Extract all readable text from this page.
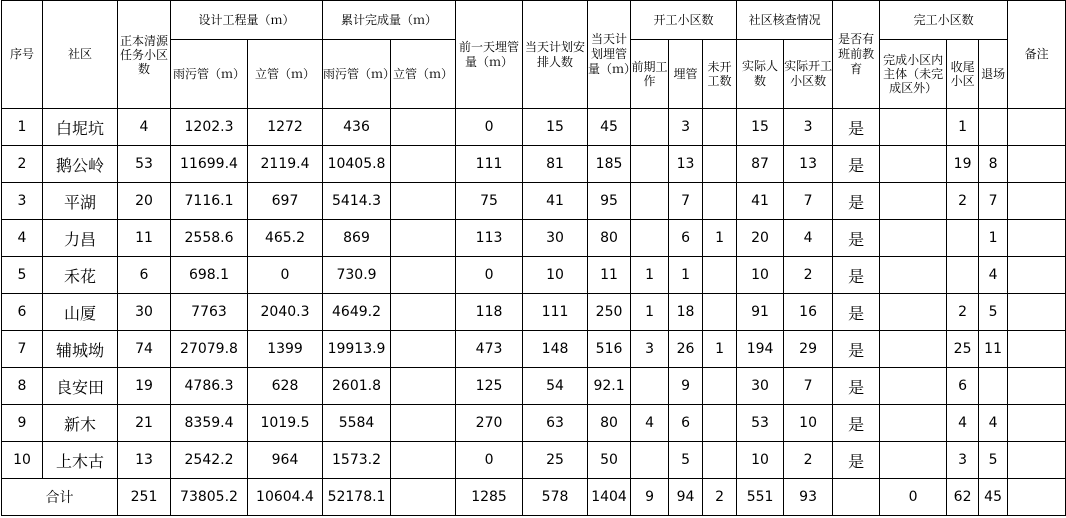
序号	社区	正本清源任务小区数	设计工程量（ｍ）		累计完成量（ｍ）		前一天埋管量（ｍ）	当天计划安排人数	当天计划埋管量（ｍ）	开工小区数			社区核查情况		是否有班前教育	完工小区数			备注
			雨污管（ｍ）	立管（ｍ）	雨污管（ｍ）	立管（ｍ）				前期工作	埋管	未开工数	实际人数	实际开工小区数		完成小区内主体（未完成区外）	收尾小区	退场	
1	白坭坑	4	1202.3	1272	436		0	15	45		3		15	3	是		1		
2	鹅公岭	53	11699.4	2119.4	10405.8		111	81	185		13		87	13	是		19	8	
3	平湖	20	7116.1	697	5414.3		75	41	95		7		41	7	是		2	7	
4	力昌	11	2558.6	465.2	869		113	30	80		6	1	20	4	是			1	
5	禾花	6	698.1	0	730.9		0	10	11	1	1		10	2	是			4	
6	山厦	30	7763	2040.3	4649.2		118	111	250	1	18		91	16	是		2	5	
7	辅城坳	74	27079.8	1399	19913.9		473	148	516	3	26	1	194	29	是		25	11	
8	良安田	19	4786.3	628	2601.8		125	54	92.1		9		30	7	是		6		
9	新木	21	8359.4	1019.5	5584		270	63	80	4	6		53	10	是		4	4	
10	上木古	13	2542.2	964	1573.2		0	25	50		5		10	2	是		3	5	
合计		251	73805.2	10604.4	52178.1		1285	578	1404	9	94	2	551	93		0	62	45	
